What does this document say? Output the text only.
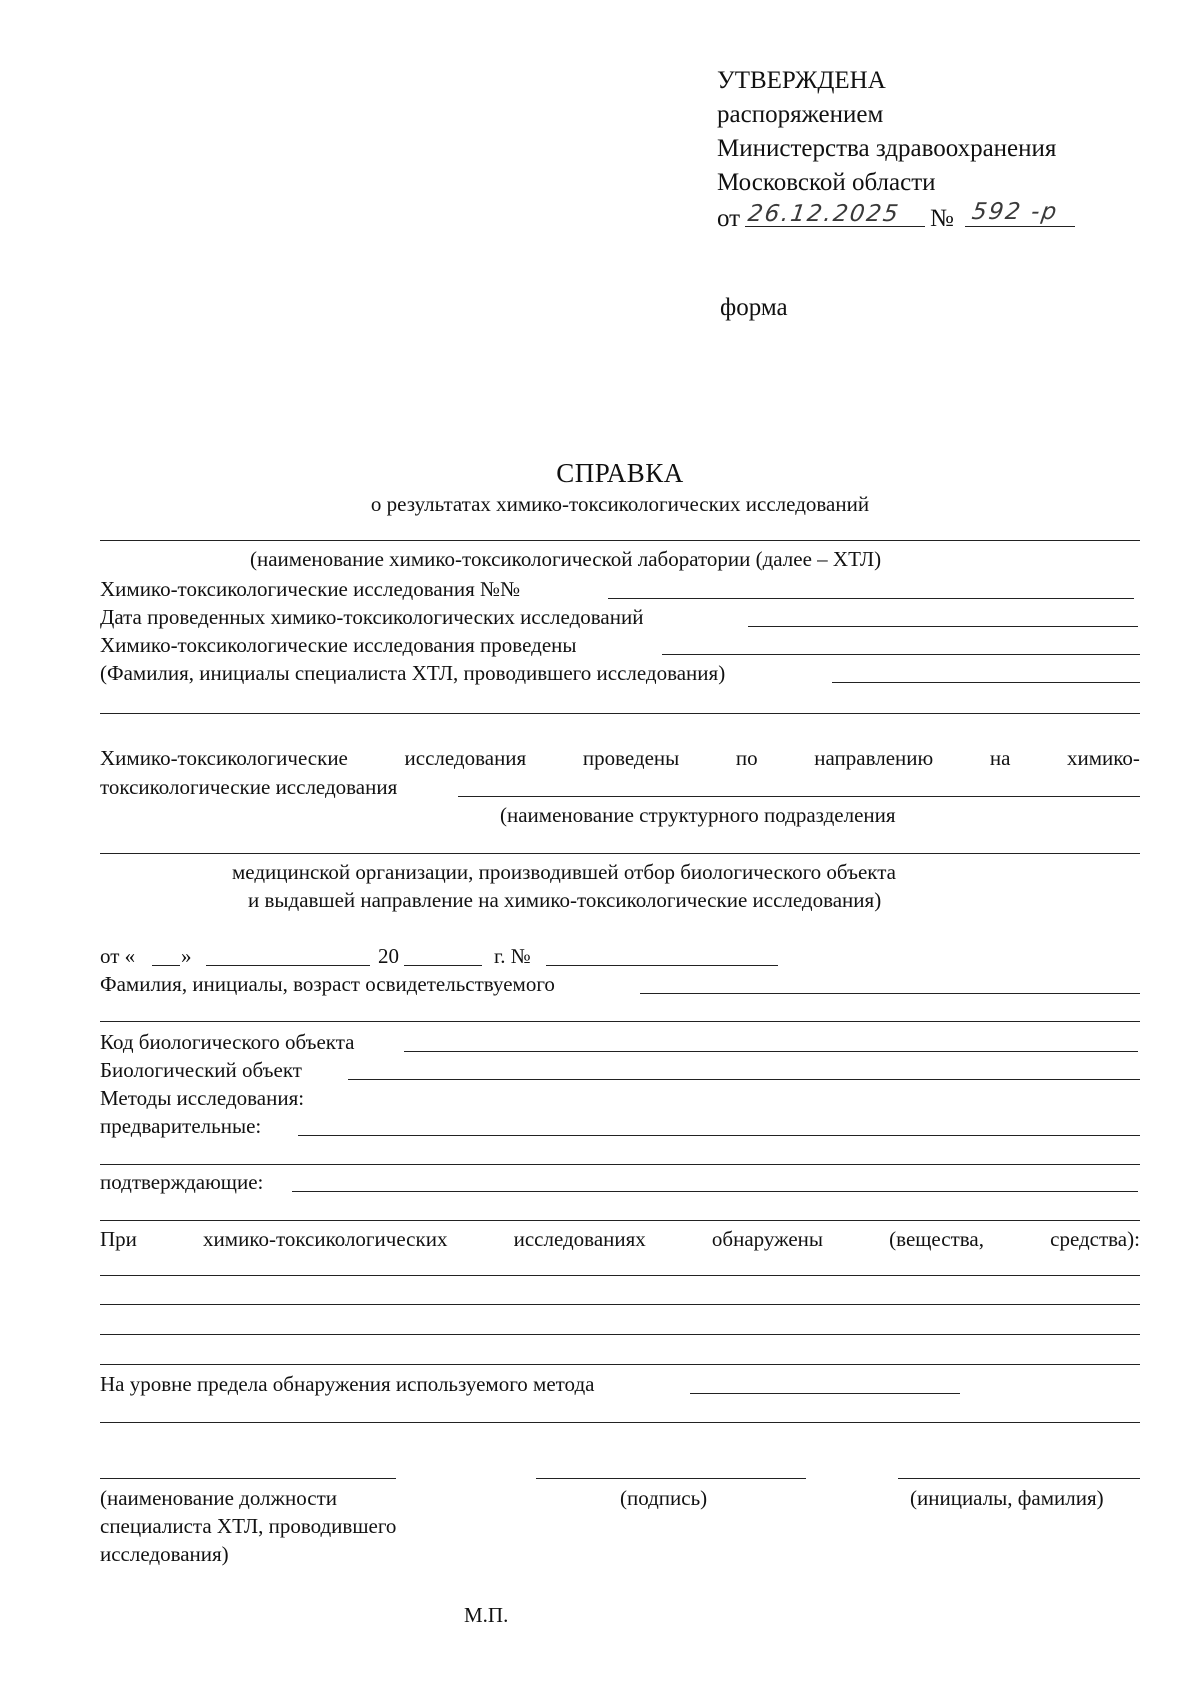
УТВЕРЖДЕНА
распоряжением
Министерства здравоохранения
Московской области
от 26.12.2025 № 592 -р
форма
СПРАВКА
о результатах химико-токсикологических исследований
(наименование химико-токсикологической лаборатории (далее – ХТЛ)
Химико-токсикологические исследования №№
Дата проведенных химико-токсикологических исследований
Химико-токсикологические исследования проведены
(Фамилия, инициалы специалиста ХТЛ, проводившего исследования)
Химико-токсикологические	исследования	проведены	по	направлению	на	химико-
токсикологические исследования
(наименование структурного подразделения
медицинской организации, производившей отбор биологического объекта
и выдавшей направление на химико-токсикологические исследования)
от « »	20	г. №
Фамилия, инициалы, возраст освидетельствуемого
Код биологического объекта
Биологический объект
Методы исследования:
предварительные:
подтверждающие:
При	химико-токсикологических	исследованиях	обнаружены	(вещества,	средства):
На уровне предела обнаружения используемого метода
(наименование должности
специалиста ХТЛ, проводившего
исследования)
(подпись)	(инициалы, фамилия)
М.П.
